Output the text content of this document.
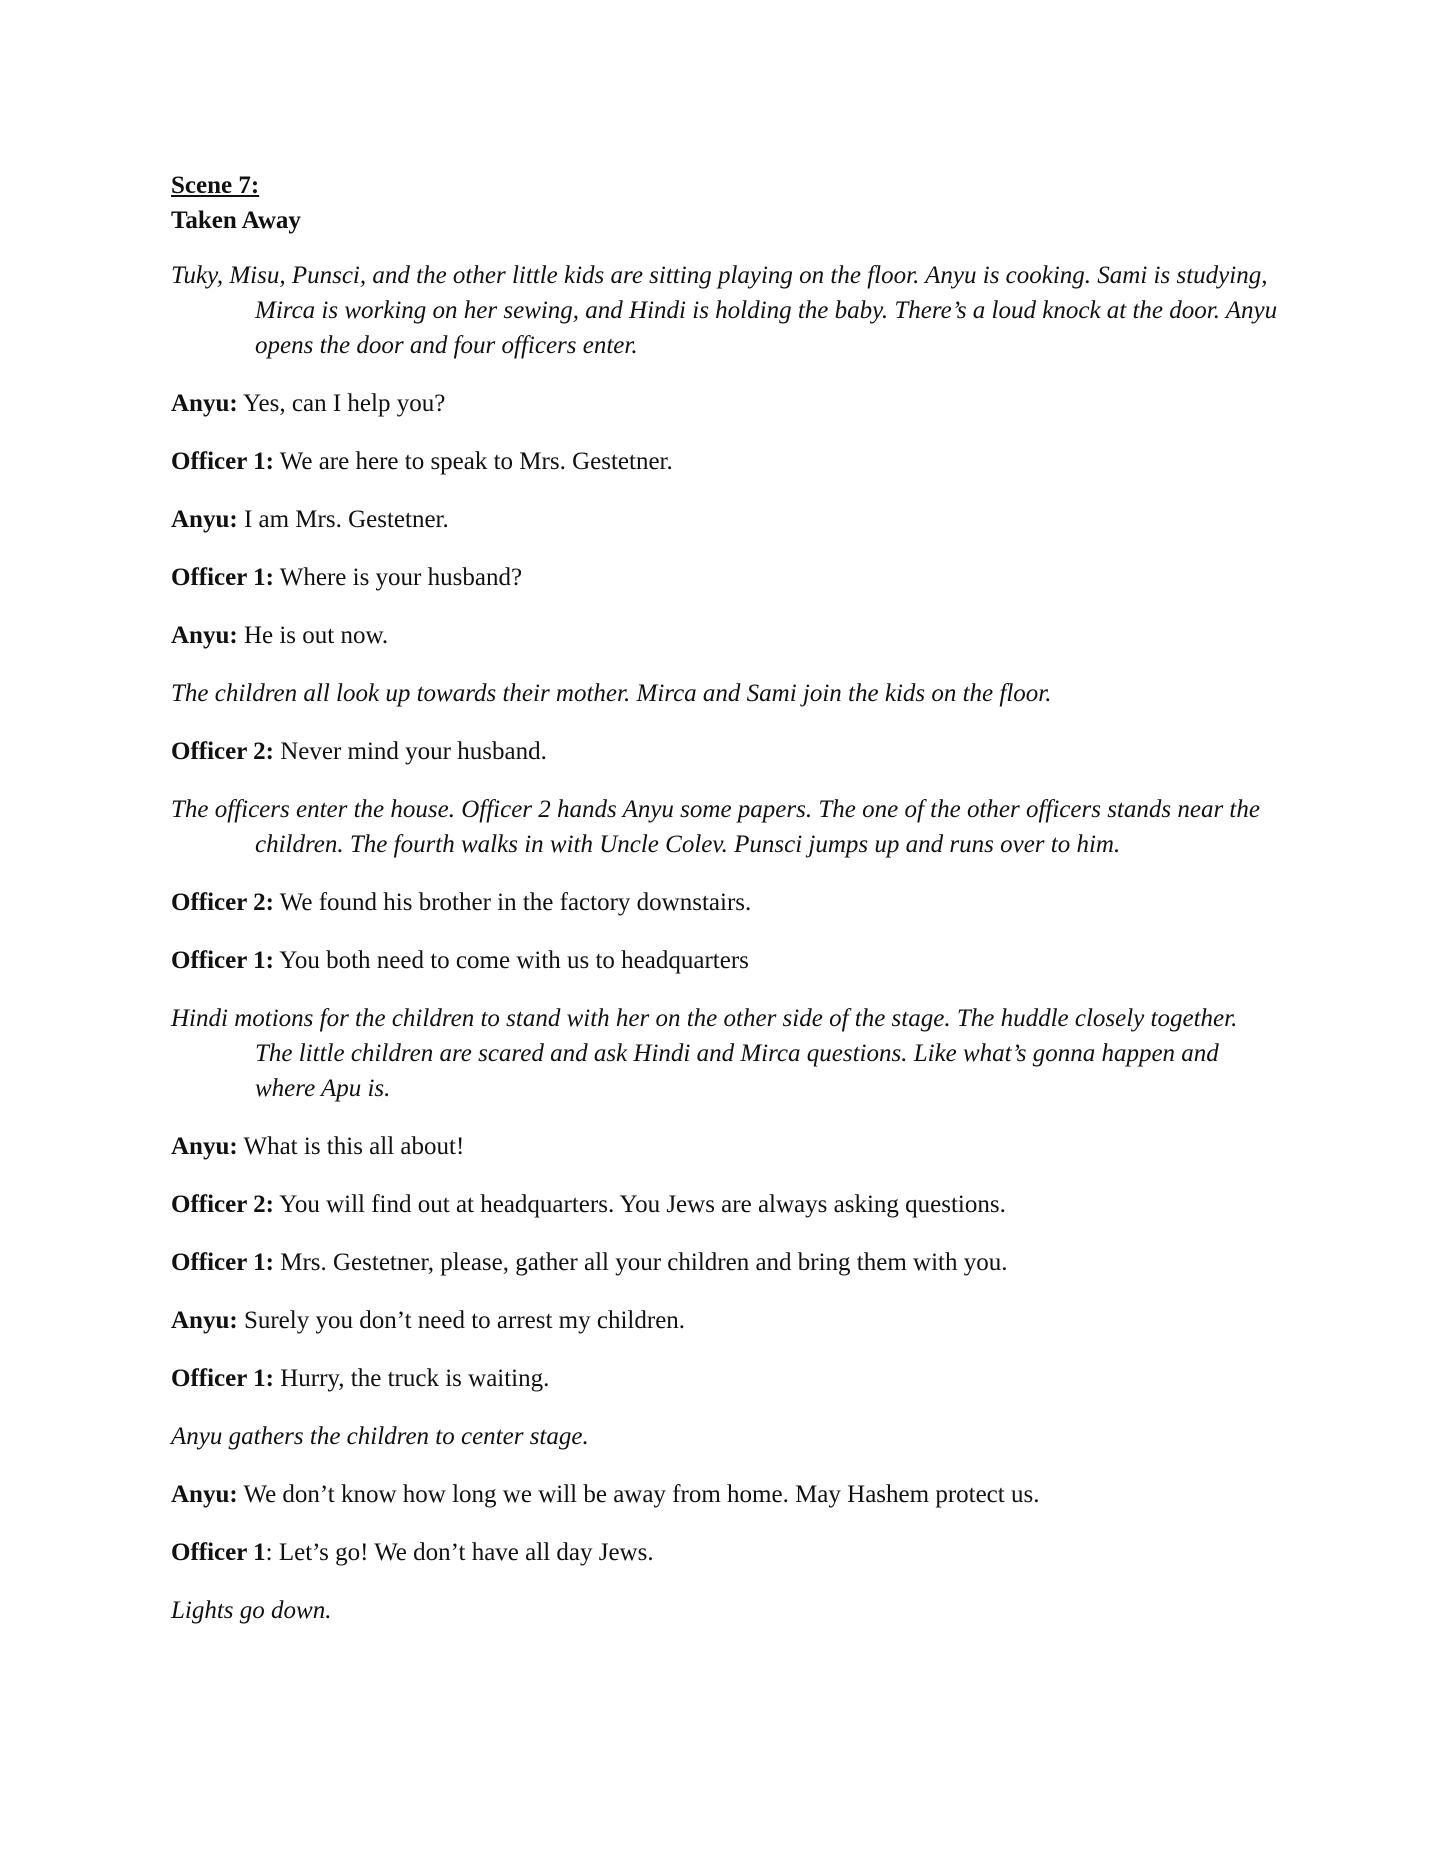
Scene 7:

Taken Away

Tuky, Misu, Punsci, and the other little kids are sitting playing on the floor. Anyu is cooking. Sami is studying, Mirca is working on her sewing, and Hindi is holding the baby. There’s a loud knock at the door. Anyu opens the door and four officers enter.

Anyu: Yes, can I help you?

Officer 1: We are here to speak to Mrs. Gestetner.

Anyu: I am Mrs. Gestetner.

Officer 1: Where is your husband?

Anyu: He is out now.

The children all look up towards their mother. Mirca and Sami join the kids on the floor.

Officer 2: Never mind your husband.

The officers enter the house. Officer 2 hands Anyu some papers. The one of the other officers stands near the children. The fourth walks in with Uncle Colev. Punsci jumps up and runs over to him.

Officer 2: We found his brother in the factory downstairs.

Officer 1: You both need to come with us to headquarters

Hindi motions for the children to stand with her on the other side of the stage. The huddle closely together. The little children are scared and ask Hindi and Mirca questions. Like what’s gonna happen and where Apu is.

Anyu: What is this all about!

Officer 2: You will find out at headquarters. You Jews are always asking questions.

Officer 1: Mrs. Gestetner, please, gather all your children and bring them with you.

Anyu: Surely you don’t need to arrest my children.

Officer 1: Hurry, the truck is waiting.

Anyu gathers the children to center stage.

Anyu: We don’t know how long we will be away from home. May Hashem protect us.

Officer 1: Let’s go! We don’t have all day Jews.

Lights go down.
